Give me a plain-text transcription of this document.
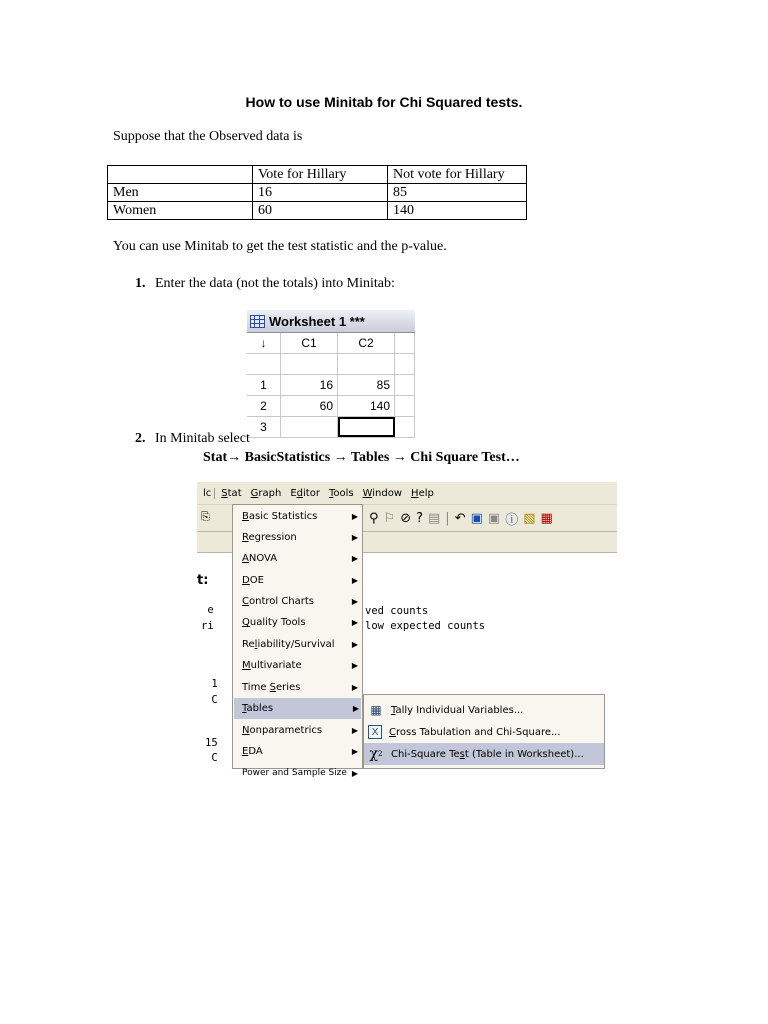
How to use Minitab for Chi Squared tests.
Suppose that the Observed data is
	Vote for Hillary	Not vote for Hillary
Men	16	85
Women	60	140
You can use Minitab to get the test statistic and the p-value.
1. Enter the data (not the totals) into Minitab:
Worksheet 1 ***
↓	C1	C2
1	16	85
2	60	140
3
2. In Minitab select
Stat→ BasicStatistics → Tables → Chi Square Test…
lc	Stat Graph Editor Tools Window Help
⎘	⚲ ⚐ ⊘ ? ▤ | ↶ ▣ ▣ ⓘ ▧ ▦
t:
e
ri
ved counts
low expected counts
1
C
15
C
Basic Statistics	▶
Regression	▶
ANOVA	▶
DOE	▶
Control Charts	▶
Quality Tools	▶
Reliability/Survival ▶
Multivariate	▶
Time Series	▶
Tables	▶
Nonparametrics	▶
EDA	▶
Power and Sample Size ▶
▦ Tally Individual Variables...
X	Cross Tabulation and Chi-Square...
χ 2 Chi-Square Test (Table in Worksheet)...
